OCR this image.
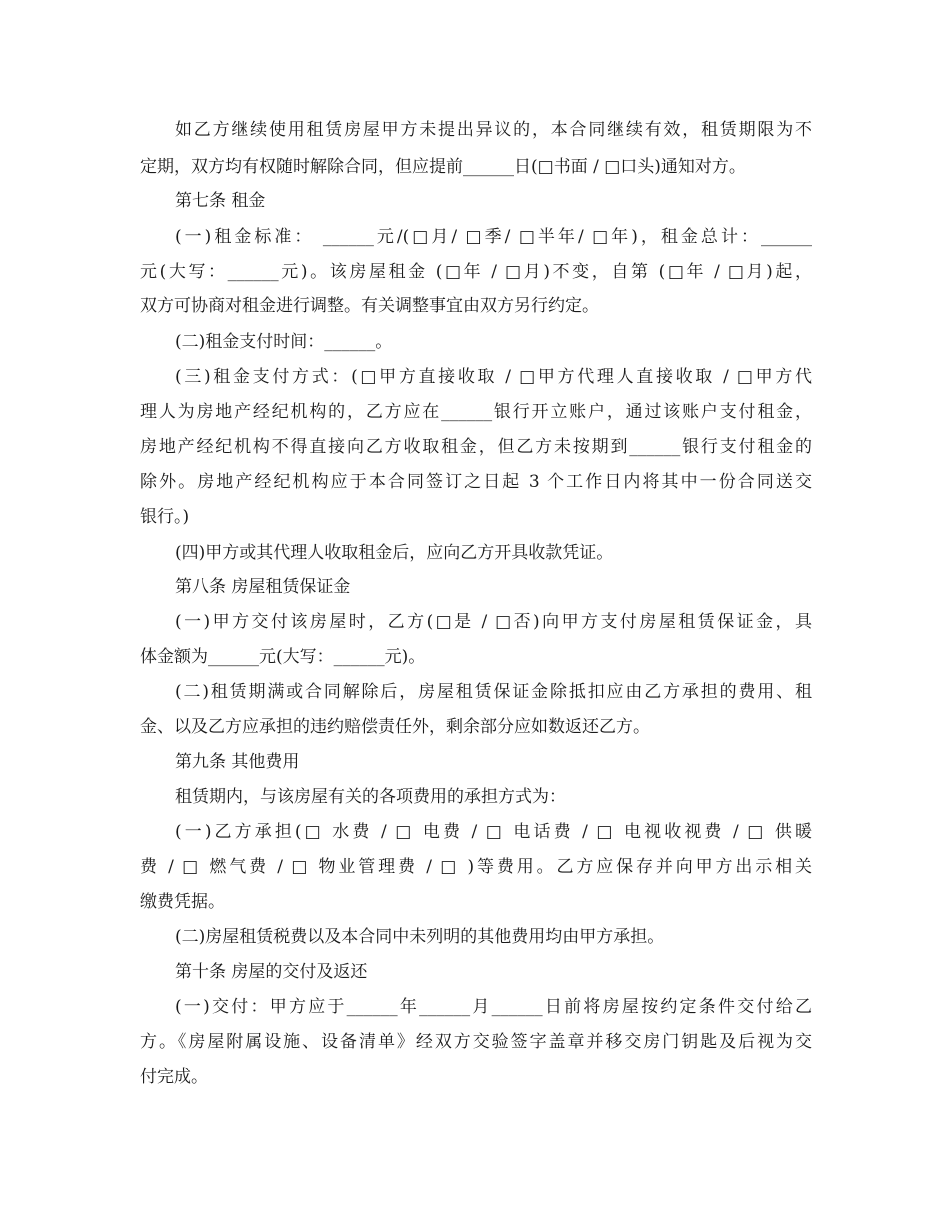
如乙方继续使用租赁房屋甲方未提出异议的，本合同继续有效，租赁期限为不
定期，双方均有权随时解除合同，但应提前______日(□书面 / □口头)通知对方。
第七条 租金
(一)租金标准： ______元/(□月/ □季/ □半年/ □年)，租金总计：______
元(大写：______元)。该房屋租金 (□年 / □月)不变，自第 (□年 / □月)起，
双方可协商对租金进行调整。有关调整事宜由双方另行约定。
(二)租金支付时间：______。
(三)租金支付方式：(□甲方直接收取 / □甲方代理人直接收取 / □甲方代
理人为房地产经纪机构的，乙方应在______银行开立账户，通过该账户支付租金，
房地产经纪机构不得直接向乙方收取租金，但乙方未按期到______银行支付租金的
除外。房地产经纪机构应于本合同签订之日起 3 个工作日内将其中一份合同送交
银行。)
(四)甲方或其代理人收取租金后，应向乙方开具收款凭证。
第八条 房屋租赁保证金
(一)甲方交付该房屋时，乙方(□是 / □否)向甲方支付房屋租赁保证金，具
体金额为______元(大写：______元)。
(二)租赁期满或合同解除后，房屋租赁保证金除抵扣应由乙方承担的费用、租
金、以及乙方应承担的违约赔偿责任外，剩余部分应如数返还乙方。
第九条 其他费用
租赁期内，与该房屋有关的各项费用的承担方式为：
(一)乙方承担(□ 水费 / □ 电费 / □ 电话费 / □ 电视收视费 / □ 供暖
费 / □ 燃气费 / □ 物业管理费 / □ )等费用。乙方应保存并向甲方出示相关
缴费凭据。
(二)房屋租赁税费以及本合同中未列明的其他费用均由甲方承担。
第十条 房屋的交付及返还
(一)交付：甲方应于______年______月______日前将房屋按约定条件交付给乙
方。《房屋附属设施、设备清单》经双方交验签字盖章并移交房门钥匙及后视为交
付完成。
